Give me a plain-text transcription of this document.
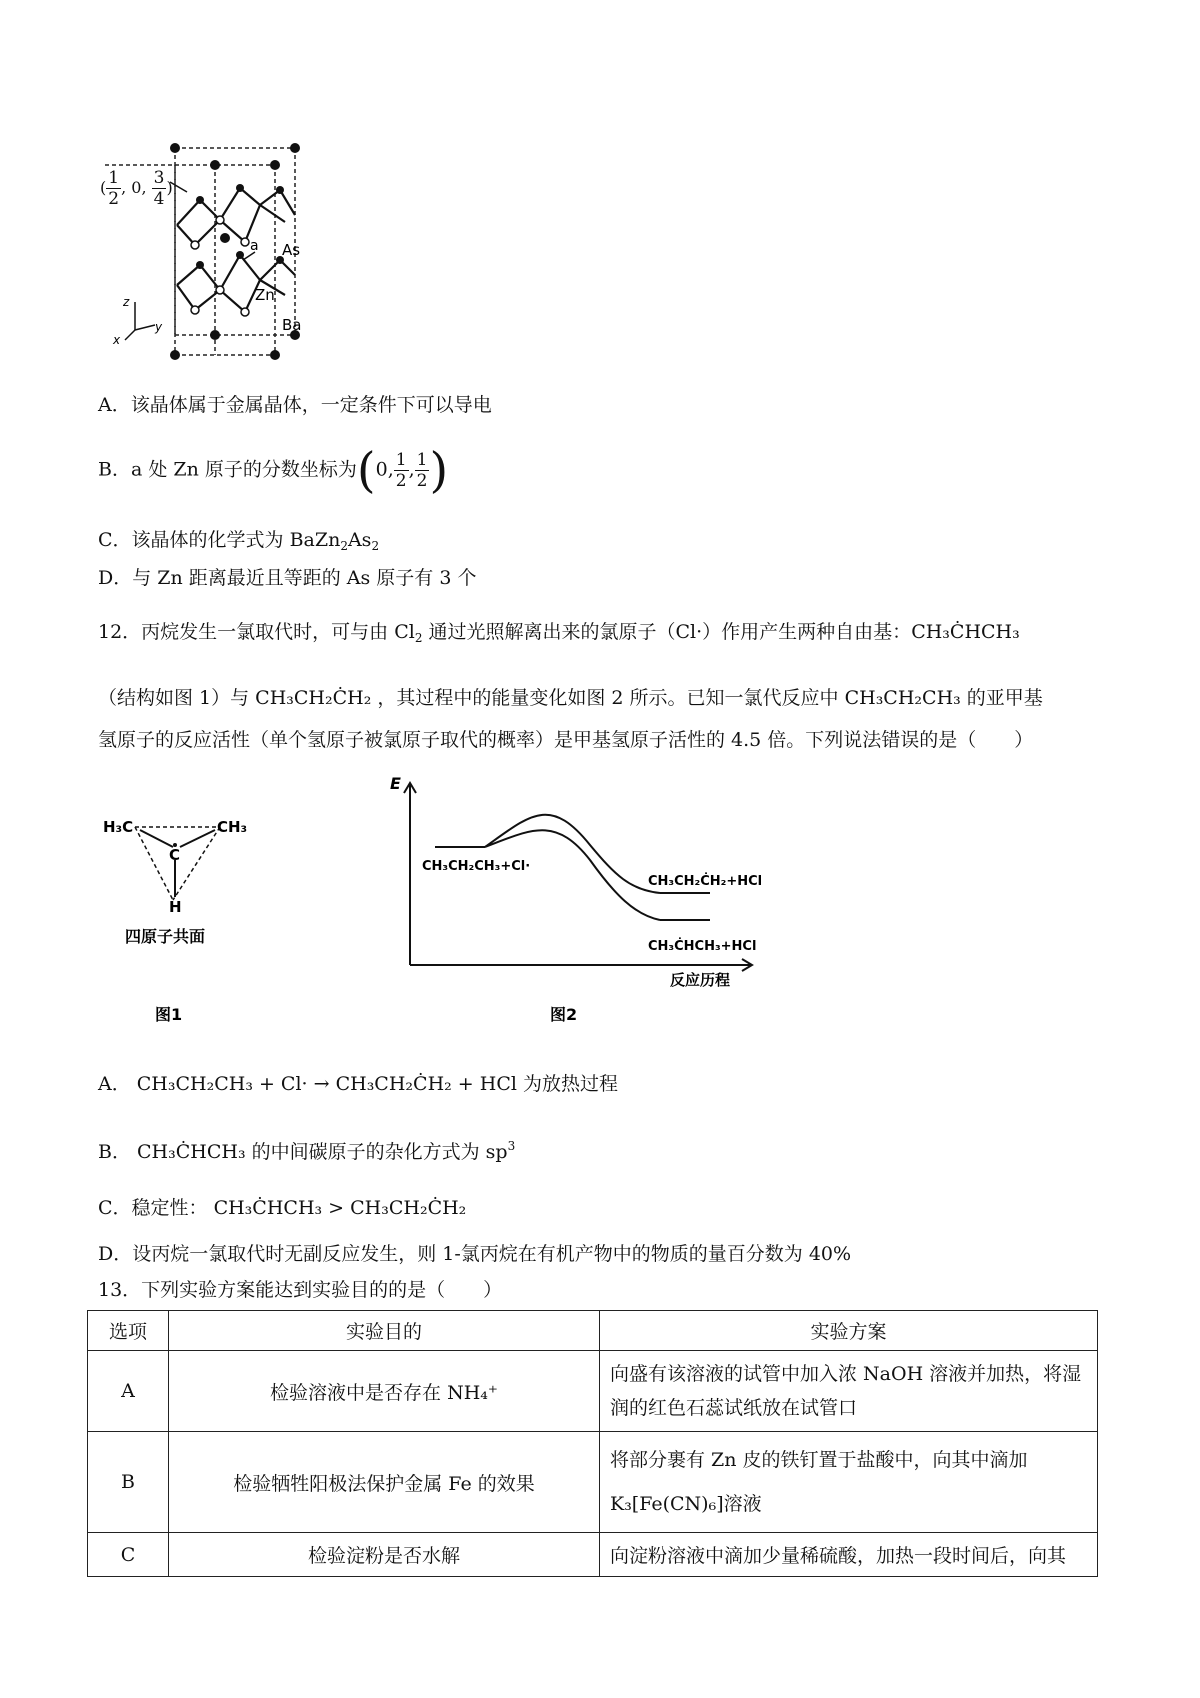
a As
Zn
Ba
z
y
x
( $\frac{1}{2}$ , 0, $\frac{3}{4}$ )
A．该晶体属于金属晶体，一定条件下可以导电
B．a 处 Zn 原子的分数坐标为(0, $\frac{1}{2}$ , $\frac{1}{2}$ )
C．该晶体的化学式为 $BaZn_2As_2$
D．与 Zn 距离最近且等距的 As 原子有 3 个
12．丙烷发生一氯取代时，可与由 $Cl_2$ 通过光照解离出来的氯原子（Cl·）作用产生两种自由基：CH₃ĊHCH₃
（结构如图 1）与 CH₃CH₂ĊH₂ ，其过程中的能量变化如图 2 所示。已知一氯代反应中 CH₃CH₂CH₃ 的亚甲基
氢原子的反应活性（单个氢原子被氯原子取代的概率）是甲基氢原子活性的 4.5 倍。下列说法错误的是（　　）
H₃C	CH₃
C
H
四原子共面
图1
E
反应历程
CH₃CH₂CH₃+Cl·
CH₃CH₂ĊH₂+HCl
CH₃ĊHCH₃+HCl
图2
A． CH₃CH₂CH₃ + Cl· → CH₃CH₂ĊH₂ + HCl 为放热过程
B． CH₃ĊHCH₃ 的中间碳原子的杂化方式为 $sp^3$
C．稳定性： CH₃ĊHCH₃ > CH₃CH₂ĊH₂
D．设丙烷一氯取代时无副反应发生，则 1-氯丙烷在有机产物中的物质的量百分数为 40%
13．下列实验方案能达到实验目的的是（　　）
选项	实验目的	实验方案
A	检验溶液中是否存在 NH₄⁺	向盛有该溶液的试管中加入浓 NaOH 溶液并加热，将湿
润的红色石蕊试纸放在试管口

B	检验牺牲阳极法保护金属 Fe 的效果	将部分裹有 Zn 皮的铁钉置于盐酸中，向其中滴加
K₃[Fe(CN)₆]溶液

C	检验淀粉是否水解	向淀粉溶液中滴加少量稀硫酸，加热一段时间后，向其
